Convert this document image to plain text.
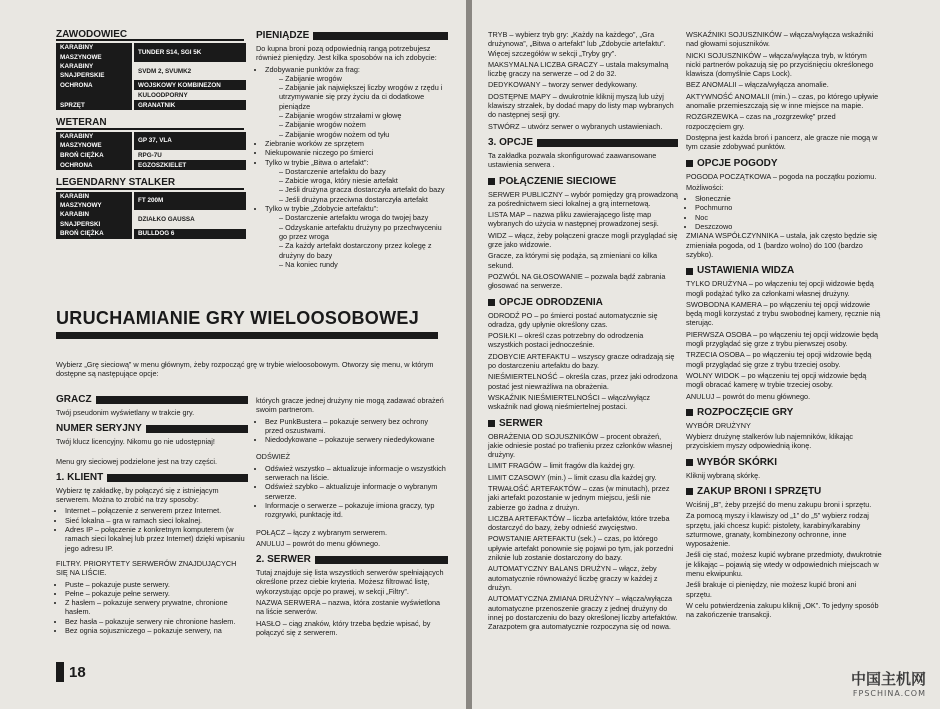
ZAWODOWIEC
KARABINY MASZYNOWE	TUNDER S14, SGI 5K
KARABINY SNAJPERSKIE	SVDM 2, SVUMK2
OCHRONA	WOJSKOWY KOMBINEZON
	KULOODPORNY
SPRZĘT	GRANATNIK
WETERAN
KARABINY MASZYNOWE	GP 37, VLA
BROŃ CIĘŻKA	RPG-7U
OCHRONA	EGZOSZKIELET
LEGENDARNY STALKER
KARABIN MASZYNOWY	FT 200M
KARABIN SNAJPERSKI	DZIAŁKO GAUSSA
BROŃ CIĘŻKA	BULLDOG 6
PIENIĄDZE

Do kupna broni pozą odpowiednią rangą potrzebujesz również pieniędzy. Jest kilka sposobów na ich zdobycie:

• Zdobywanie punktów za frag:
– Zabijanie wrogów
– Zabijanie jak największej liczby wrogów z rzędu i utrzymywanie się przy życiu da ci dodatkowe pieniądze
– Zabijanie wrogów strzałami w głowę
– Zabijanie wrogów nożem
– Zabijanie wrogów nożem od tyłu
• Ziebranie worków ze sprzętem
• Niekupowanie niczego po śmierci
• Tylko w trybie „Bitwa o artefakt”:
– Dostarczenie artefaktu do bazy
– Zabicie wroga, który niesie artefakt
– Jeśli drużyna gracza dostarczyła artefakt do bazy
– Jeśli drużyna przeciwna dostarczyła artefakt
• Tylko w trybie „Zdobycie artefaktu”:
– Dostarczenie artefaktu wroga do twojej bazy
– Odzyskanie artefaktu drużyny po przechwyceniu go przez wroga
– Za każdy artefakt dostarczony przez kolegę z drużyny do bazy
– Na koniec rundy
URUCHAMIANIE GRY WIELOOSOBOWEJ

Wybierz „Grę sieciową” w menu głównym, żeby rozpocząć grę w trybie wieloosobowym. Otworzy się menu, w którym dostępne są następujące opcje:

GRACZ

Twój pseudonim wyświetlany w trakcie gry.

NUMER SERYJNY

Twój klucz licencyjny. Nikomu go nie udostępniaj!

Menu gry sieciowej podzielone jest na trzy części.

1. KLIENT

Wybierz tę zakładkę, by połączyć się z istniejącym serwerem. Można to zrobić na trzy sposoby:

• Internet – połączenie z serwerem przez Internet.
• Sieć lokalna – gra w ramach sieci lokalnej.
• Adres IP – połączenie z konkretnym komputerem (w ramach sieci lokalnej lub przez Internet) dzięki wpisaniu jego adresu IP.

FILTRY. PRIORYTETY SERWERÓW ZNAJDUJĄCYCH SIĘ NA LIŚCIE.

• Puste – pokazuje puste serwery.
• Pełne – pokazuje pełne serwery.
• Z hasłem – pokazuje serwery prywatne, chronione hasłem.
• Bez hasła – pokazuje serwery nie chronione hasłem.
• Bez ognia sojuszniczego – pokazuje serwery, na

których gracze jednej drużyny nie mogą zadawać obrażeń swoim partnerom.

• Bez PunkBustera – pokazuje serwery bez ochrony przed oszustwami.
• Niedodykowane – pokazuje serwery niededykowane

ODŚWIEŻ

• Odśwież wszystko – aktualizuje informacje o wszystkich serwerach na liście.
• Odśwież szybko – aktualizuje informacje o wybranym serwerze.
• Informacje o serwerze – pokazuje imiona graczy, typ rozgrywki, punktację itd.

POŁĄCZ – łączy z wybranym serwerem.

ANULUJ – powrót do menu głównego.

2. SERWER

Tutaj znajduje się lista wszystkich serwerów spełniających określone przez ciebie kryteria. Możesz filtrować listę, wykorzystując opcje po prawej, w sekcji „Filtry”.

NAZWA SERWERA – nazwa, która zostanie wyświetlona na liście serwerów.

HASŁO – ciąg znaków, który trzeba będzie wpisać, by połączyć się z serwerem.

18

TRYB – wybierz tryb gry: „Każdy na każdego”, „Gra drużynowa”, „Bitwa o artefakt” lub „Zdobycie artefaktu”. Więcej szczegółów w sekcji „Tryby gry”.

MAKSYMALNA LICZBA GRACZY – ustala maksymalną liczbę graczy na serwerze – od 2 do 32.

DEDYKOWANY – tworzy serwer dedykowany.

DOSTĘPNE MAPY – dwukrotnie kliknij myszą lub użyj klawiszy strzałek, by dodać mapy do listy map wybranych do następnej sesji gry.

STWÓRZ – utwórz serwer o wybranych ustawieniach.

3. OPCJE

Ta zakładka pozwala skonfigurować zaawansowane ustawienia serwera .

POŁĄCZENIE SIECIOWE

SERWER PUBLICZNY – wybór pomiędzy grą prowadzoną za pośrednictwem sieci lokalnej a grą internetową.

LISTA MAP – nazwa pliku zawierającego listę map wybranych do użycia w następnej prowadzonej sesji.

WIDZ – włącz, żeby połączeni gracze mogli przyglądać się grze jako widzowie.

Gracze, za którymi się podąża, są zmieniani co kilka sekund.

POZWÓL NA GŁOSOWANIE – pozwala bądź zabrania głosować na serwerze.

OPCJE ODRODZENIA

ODRODŹ PO – po śmierci postać automatycznie się odradza, gdy upłynie określony czas.

POSIŁKI – określ czas potrzebny do odrodzenia wszystkich postaci jednocześnie.

ZDOBYCIE ARTEFAKTU – wszyscy gracze odradzają się po dostarczeniu artefaktu do bazy.

NIEŚMIERTELNOŚĆ – określa czas, przez jaki odrodzona postać jest niewrażliwa na obrażenia.

WSKAŹNIK NIEŚMIERTELNOŚCI – włącz/wyłącz wskaźnik nad głową nieśmiertelnej postaci.

SERWER

OBRAŻENIA OD SOJUSZNIKÓW – procent obrażeń, jakie odniesie postać po trafieniu przez członków własnej drużyny.

LIMIT FRAGÓW – limit fragów dla każdej gry.

LIMIT CZASOWY (min.) – limit czasu dla każdej gry.

TRWAŁOŚĆ ARTEFAKTÓW – czas (w minutach), przez jaki artefakt pozostanie w jednym miejscu, jeśli nie zabierze go żadna z drużyn.

LICZBA ARTEFAKTÓW – liczba artefaktów, które trzeba dostarczyć do bazy, żeby odnieść zwycięstwo.

POWSTANIE ARTEFAKTU (sek.) – czas, po którego upływie artefakt ponownie się pojawi po tym, jak porzedni zniknie lub zostanie dostarczony do bazy.

AUTOMATYCZNY BALANS DRUŻYN – włącz, żeby automatycznie równoważyć liczbę graczy w każdej z drużyn.

AUTOMATYCZNA ZMIANA DRUŻYNY – włącza/wyłącza automatyczne przenoszenie graczy z jednej drużyny do innej po dostarczeniu do bazy określonej liczby artefaktów. Zarazpotem gra automatycznie rozpoczyna się od nowa.

WSKAŹNIKI SOJUSZNIKÓW – włącza/wyłącza wskaźniki nad głowami sojuszników.

NICKI SOJUSZNIKÓW – włącza/wyłącza tryb, w którym nicki partnerów pokazują się po przyciśnięciu określonego klawisza (domyślnie Caps Lock).

BEZ ANOMALII – włącza/wyłącza anomalie.

AKTYWNOŚĆ ANOMALII (min.) – czas, po którego upływie anomalie przemieszczają się w inne miejsce na mapie.

ROZGRZEWKA – czas na „rozgrzewkę” przed rozpoczęciem gry.

Dostępna jest każda broń i pancerz, ale gracze nie mogą w tym czasie zdobywać punktów.

OPCJE POGODY

POGODA POCZĄTKOWA – pogoda na początku poziomu.

Możliwości:

• Słonecznie
• Pochmurno
• Noc
• Deszczowo

ZMIANA WSPÓŁCZYNNIKA – ustala, jak często będzie się zmieniała pogoda, od 1 (bardzo wolno) do 100 (bardzo szybko).

USTAWIENIA WIDZA

TYLKO DRUŻYNA – po włączeniu tej opcji widzowie będą mogli podążać tylko za członkami własnej drużyny.

SWOBODNA KAMERA – po włączeniu tej opcji widzowie będą mogli korzystać z trybu swobodnej kamery, ręcznie nią sterując.

PIERWSZA OSOBA – po włączeniu tej opcji widzowie będą mogli przyglądać się grze z trybu pierwszej osoby.

TRZECIA OSOBA – po włączeniu tej opcji widzowie będą mogli przyglądać się grze z trybu trzeciej osoby.

WOLNY WIDOK – po włączeniu tej opcji widzowie będą mogli obracać kamerę w trybie trzeciej osoby.

ANULUJ – powrót do menu głównego.

ROZPOCZĘCIE GRY

WYBÓR DRUŻYNY

Wybierz drużynę stalkerów lub najemników, klikając przyciskiem myszy odpowiednią ikonę.

WYBÓR SKÓRKI

Kliknij wybraną skórkę.

ZAKUP BRONI I SPRZĘTU

Wciśnij „B”, żeby przejść do menu zakupu broni i sprzętu.

Za pomocą myszy i klawiszy od „1” do „5” wybierz rodzaj sprzętu, jaki chcesz kupić: pistolety, karabiny/karabiny szturmowe, granaty, kombinezony ochronne, inne wyposażenie.

Jeśli cię stać, możesz kupić wybrane przedmioty, dwukrotnie je klikając – pojawią się wtedy w odpowiednich miejscach w menu ekwipunku.

Jeśli brakuje ci pieniędzy, nie możesz kupić broni ani sprzętu.

W celu potwierdzenia zakupu kliknij „OK”. To jedyny sposób na zakończenie transakcji.

中国主机网
FPSCHINA.COM
